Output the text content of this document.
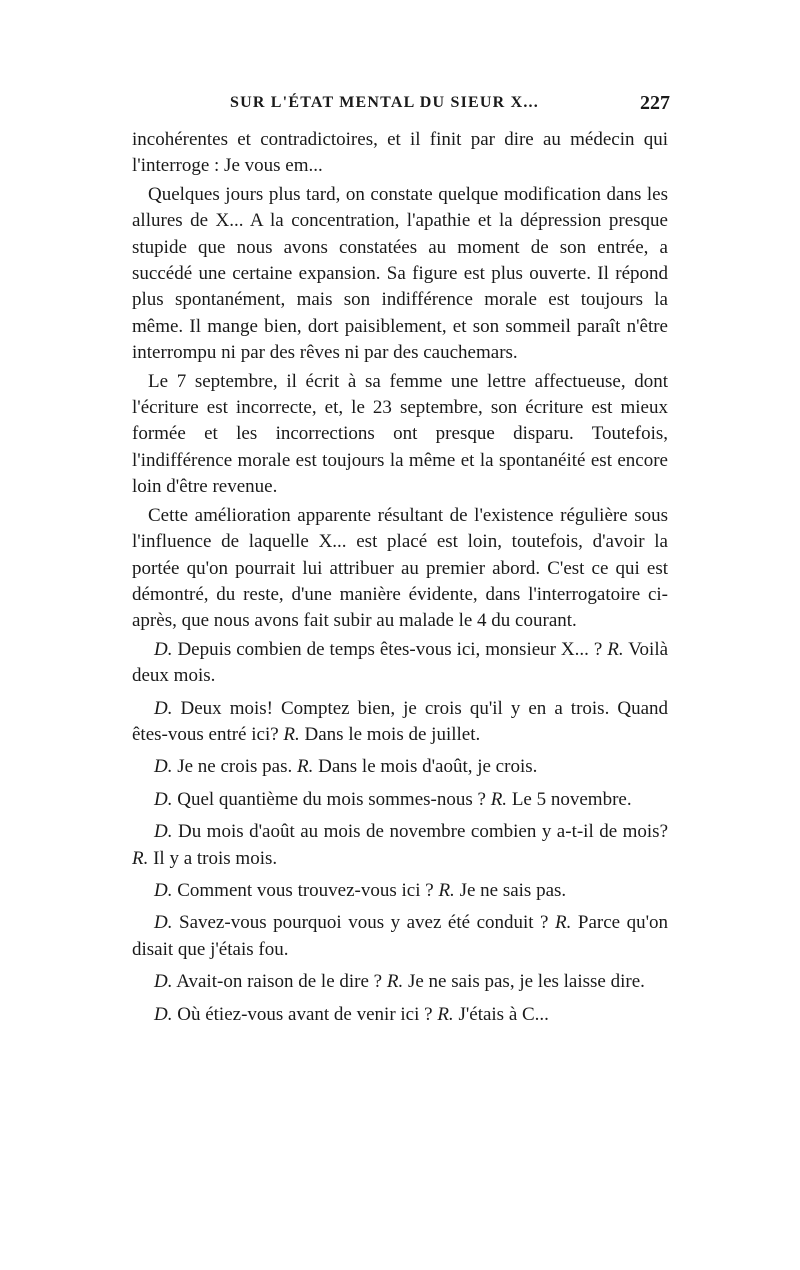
SUR L'ÉTAT MENTAL DU SIEUR X...	227

incohérentes et contradictoires, et il finit par dire au médecin qui l'interroge : Je vous em...

Quelques jours plus tard, on constate quelque modification dans les allures de X... A la concentration, l'apathie et la dépression presque stupide que nous avons constatées au moment de son entrée, a succédé une certaine expansion. Sa figure est plus ouverte. Il répond plus spontanément, mais son indifférence morale est toujours la même. Il mange bien, dort paisiblement, et son sommeil paraît n'être interrompu ni par des rêves ni par des cauchemars.

Le 7 septembre, il écrit à sa femme une lettre affectueuse, dont l'écriture est incorrecte, et, le 23 septembre, son écriture est mieux formée et les incorrections ont presque disparu. Toutefois, l'indifférence morale est toujours la même et la spontanéité est encore loin d'être revenue.

Cette amélioration apparente résultant de l'existence régulière sous l'influence de laquelle X... est placé est loin, toutefois, d'avoir la portée qu'on pourrait lui attribuer au premier abord. C'est ce qui est démontré, du reste, d'une manière évidente, dans l'interrogatoire ci-après, que nous avons fait subir au malade le 4 du courant.

D. Depuis combien de temps êtes-vous ici, monsieur X... ? R. Voilà deux mois.

D. Deux mois! Comptez bien, je crois qu'il y en a trois. Quand êtes-vous entré ici? R. Dans le mois de juillet.

D. Je ne crois pas. R. Dans le mois d'août, je crois.

D. Quel quantième du mois sommes-nous ? R. Le 5 novembre.

D. Du mois d'août au mois de novembre combien y a-t-il de mois? R. Il y a trois mois.

D. Comment vous trouvez-vous ici ? R. Je ne sais pas.

D. Savez-vous pourquoi vous y avez été conduit ? R. Parce qu'on disait que j'étais fou.

D. Avait-on raison de le dire ? R. Je ne sais pas, je les laisse dire.

D. Où étiez-vous avant de venir ici ? R. J'étais à C...
